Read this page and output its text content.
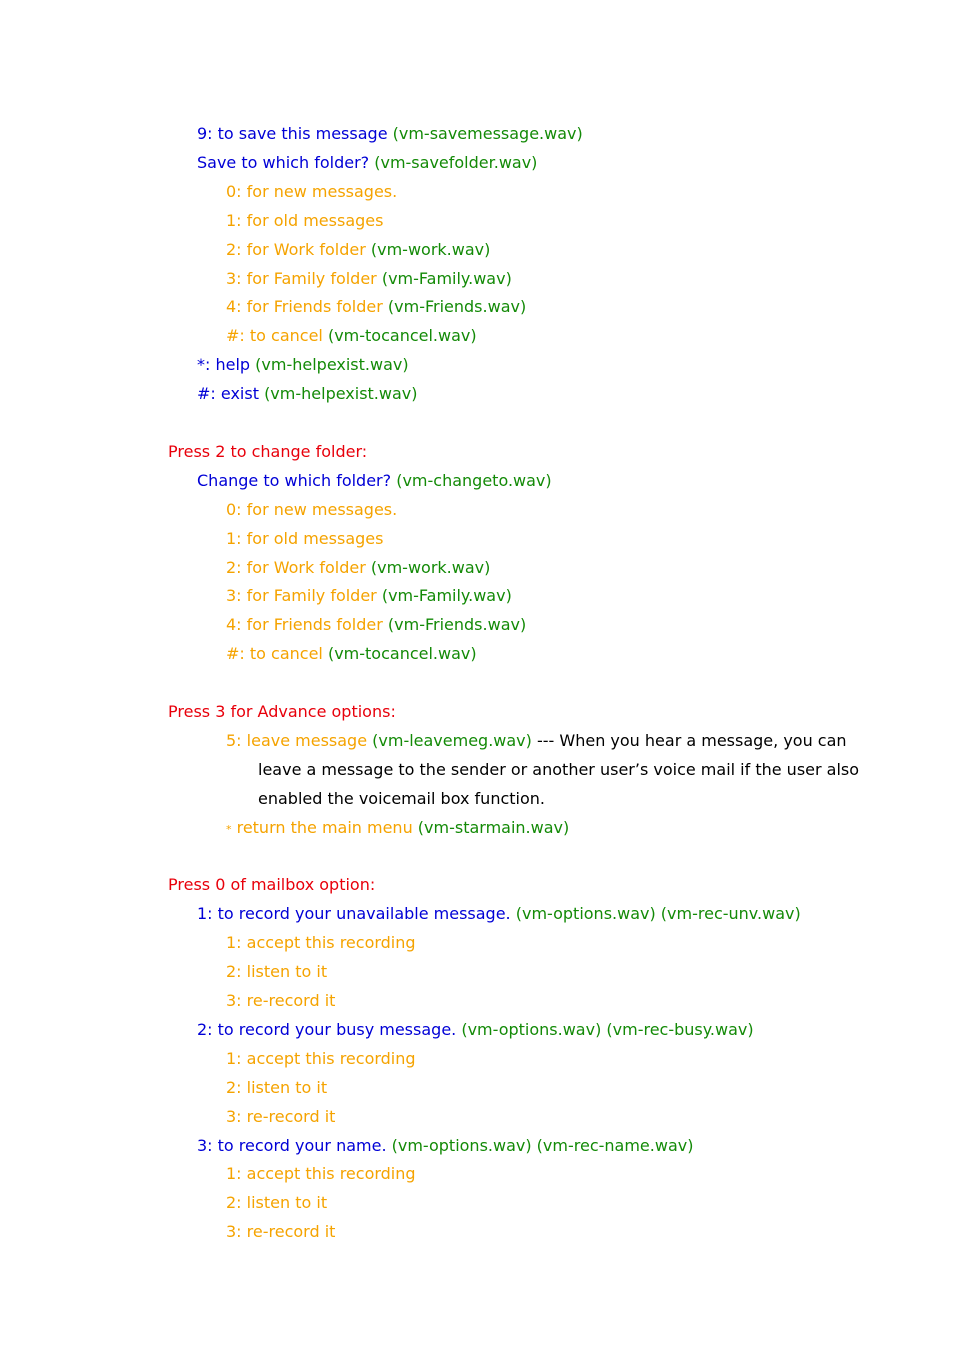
9: to save this message (vm-savemessage.wav)
Save to which folder? (vm-savefolder.wav)
0: for new messages.
1: for old messages
2: for Work folder (vm-work.wav)
3: for Family folder (vm-Family.wav)
4: for Friends folder (vm-Friends.wav)
#: to cancel (vm-tocancel.wav)
*: help (vm-helpexist.wav)
#: exist (vm-helpexist.wav)
Press 2 to change folder:
Change to which folder? (vm-changeto.wav)
0: for new messages.
1: for old messages
2: for Work folder (vm-work.wav)
3: for Family folder (vm-Family.wav)
4: for Friends folder (vm-Friends.wav)
#: to cancel (vm-tocancel.wav)
Press 3 for Advance options:
5: leave message (vm-leavemeg.wav) --- When you hear a message, you can
leave a message to the sender or another user’s voice mail if the user also
enabled the voicemail box function.
* return the main menu (vm-starmain.wav)
Press 0 of mailbox option:
1: to record your unavailable message. (vm-options.wav) (vm-rec-unv.wav)
1: accept this recording
2: listen to it
3: re-record it
2: to record your busy message. (vm-options.wav) (vm-rec-busy.wav)
1: accept this recording
2: listen to it
3: re-record it
3: to record your name. (vm-options.wav) (vm-rec-name.wav)
1: accept this recording
2: listen to it
3: re-record it
